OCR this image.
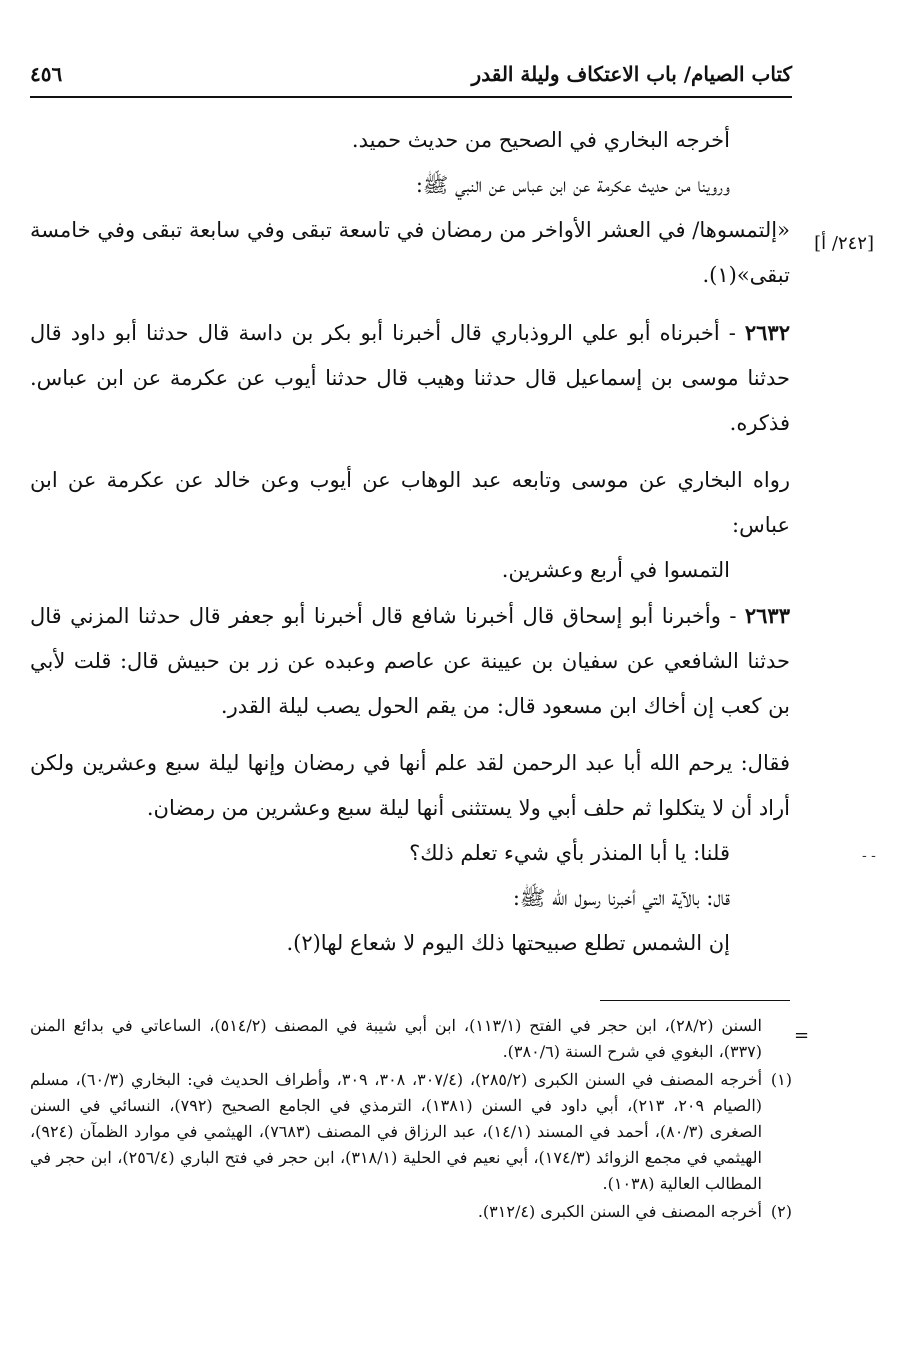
كتاب الصيام/ باب الاعتكاف وليلة القدر
٤٥٦
[٢٤٢/ أ]

أخرجه البخاري في الصحيح من حديث حميد.

وروينا من حديث عكرمة عن ابن عباس عن النبي ﷺ:

«إلتمسوها/ في العشر الأواخر من رمضان في تاسعة تبقى وفي سابعة تبقى وفي خامسة تبقى»(١).

٢٦٣٢ - أخبرناه أبو علي الروذباري قال أخبرنا أبو بكر بن داسة قال حدثنا أبو داود قال حدثنا موسى بن إسماعيل قال حدثنا وهيب قال حدثنا أيوب عن عكرمة عن ابن عباس. فذكره.

رواه البخاري عن موسى وتابعه عبد الوهاب عن أيوب وعن خالد عن عكرمة عن ابن عباس:

التمسوا في أربع وعشرين.

٢٦٣٣ - وأخبرنا أبو إسحاق قال أخبرنا شافع قال أخبرنا أبو جعفر قال حدثنا المزني قال حدثنا الشافعي عن سفيان بن عيينة عن عاصم وعبده عن زر بن حبيش قال: قلت لأبي بن كعب إن أخاك ابن مسعود قال: من يقم الحول يصب ليلة القدر.

فقال: يرحم الله أبا عبد الرحمن لقد علم أنها في رمضان وإنها ليلة سبع وعشرين ولكن أراد أن لا يتكلوا ثم حلف أبي ولا يستثنى أنها ليلة سبع وعشرين من رمضان.

قلنا: يا أبا المنذر بأي شيء تعلم ذلك؟

قال: بالآية التي أخبرنا رسول الله ﷺ:

إن الشمس تطلع صبيحتها ذلك اليوم لا شعاع لها(٢).

- -
=

السنن (٢٨/٢)، ابن حجر في الفتح (١١٣/١)، ابن أبي شيبة في المصنف (٥١٤/٢)، الساعاتي في بدائع المنن (٣٣٧)، البغوي في شرح السنة (٣٨٠/٦).

(١)
أخرجه المصنف في السنن الكبرى (٢٨٥/٢)، (٣٠٧/٤، ٣٠٨، ٣٠٩، وأطراف الحديث في: البخاري (٦٠/٣)، مسلم (الصيام ٢٠٩، ٢١٣)، أبي داود في السنن (١٣٨١)، الترمذي في الجامع الصحيح (٧٩٢)، النسائي في السنن الصغرى (٨٠/٣)، أحمد في المسند (١٤/١)، عبد الرزاق في المصنف (٧٦٨٣)، الهيثمي في موارد الظمآن (٩٢٤)، الهيثمي في مجمع الزوائد (١٧٤/٣)، أبي نعيم في الحلية (٣١٨/١)، ابن حجر في فتح الباري (٢٥٦/٤)، ابن حجر في المطالب العالية (١٠٣٨).

(٢)
أخرجه المصنف في السنن الكبرى (٣١٢/٤).
